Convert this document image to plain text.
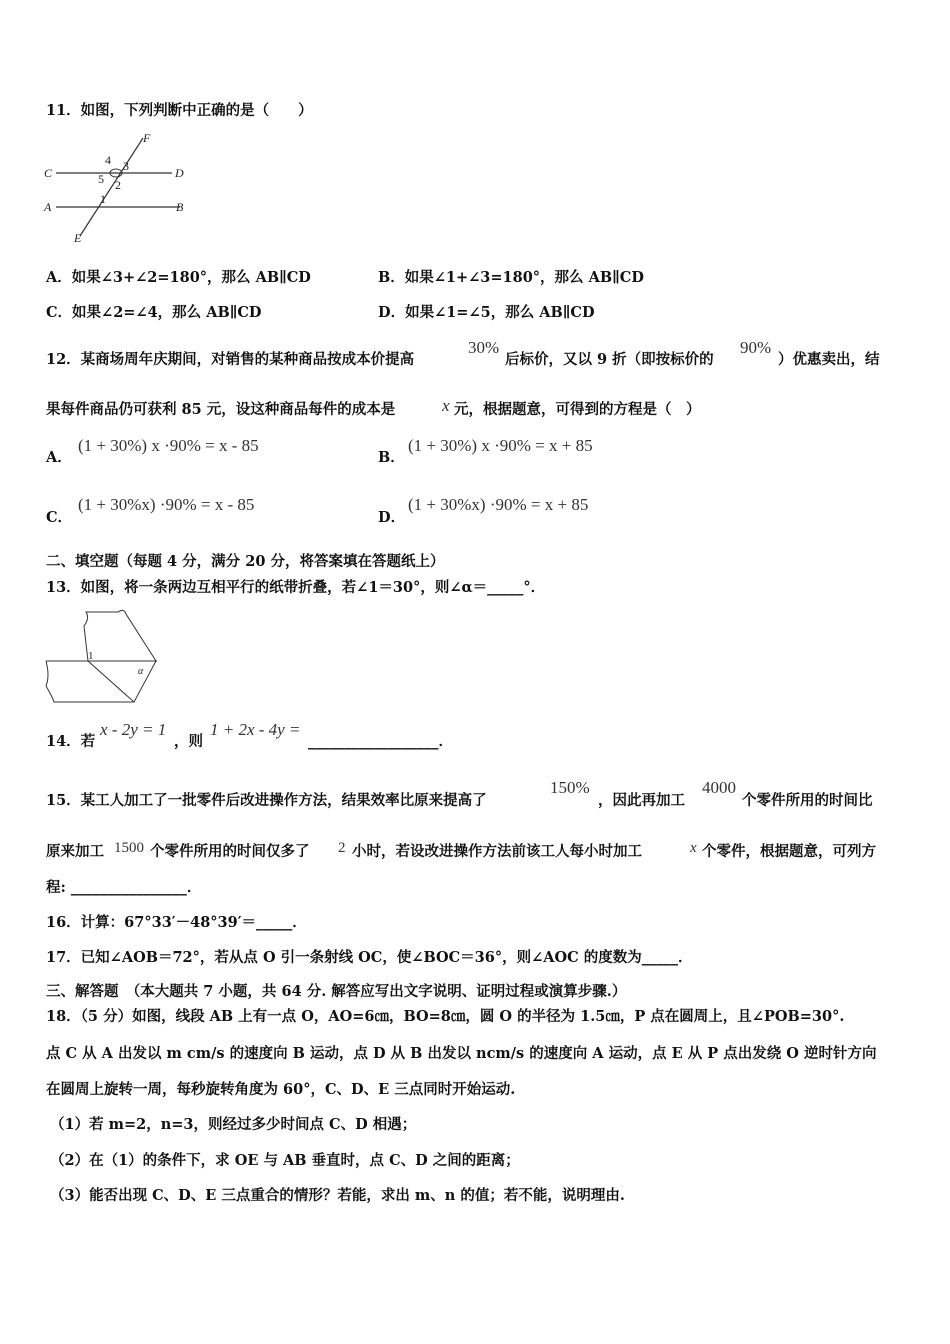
11．如图，下列判断中正确的是（　　）
F
C
4 3	D
5 2
A
1
B
E
A．如果∠3+∠2=180°，那么 AB∥CD	B．如果∠1+∠3=180°，那么 AB∥CD
C．如果∠2=∠4，那么 AB∥CD	D．如果∠1=∠5，那么 AB∥CD
12．某商场周年庆期间，对销售的某种商品按成本价提高
30%
后标价，又以 9 折（即按标价的
90%
）优惠卖出，结
果每件商品仍可获利 85 元，设这种商品每件的成本是	x 元，根据题意，可得到的方程是（　）
A．
(1 + 30%) x ·90% = x - 85
B．
(1 + 30%) x ·90% = x + 85
C．
(1 + 30%x) ·90% = x - 85
D．
(1 + 30%x) ·90% = x + 85
二、填空题（每题 4 分，满分 20 分，将答案填在答题纸上）
13．如图，将一条两边互相平行的纸带折叠，若∠1＝30°，则∠α＝_____°．
1
α
14．若
x - 2y = 1
，则
1 + 2x - 4y =
__________________．
15．某工人加工了一批零件后改进操作方法，结果效率比原来提高了
150%
，因此再加工
4000
个零件所用的时间比
原来加工 1500 个零件所用的时间仅多了 2 小时，若设改进操作方法前该工人每小时加工	x 个零件，根据题意，可列方
程: ________________．
16．计算：67°33′－48°39′＝_____．
17．已知∠AOB＝72°，若从点 O 引一条射线 OC，使∠BOC＝36°，则∠AOC 的度数为_____．
三、解答题　（本大题共 7 小题，共 64 分. 解答应写出文字说明、证明过程或演算步骤.）
18．（5 分）如图，线段 AB 上有一点 O，AO=6㎝，BO=8㎝，圆 O 的半径为 1.5㎝，P 点在圆周上，且∠POB=30°.
点 C 从 A 出发以 m cm/s 的速度向 B 运动，点 D 从 B 出发以 ncm/s 的速度向 A 运动，点 E 从 P 点出发绕 O 逆时针方向
在圆周上旋转一周，每秒旋转角度为 60°，C、D、E 三点同时开始运动.
（1）若 m=2，n=3，则经过多少时间点 C、D 相遇；
（2）在（1）的条件下，求 OE 与 AB 垂直时，点 C、D 之间的距离；
（3）能否出现 C、D、E 三点重合的情形？若能，求出 m、n 的值；若不能，说明理由.
